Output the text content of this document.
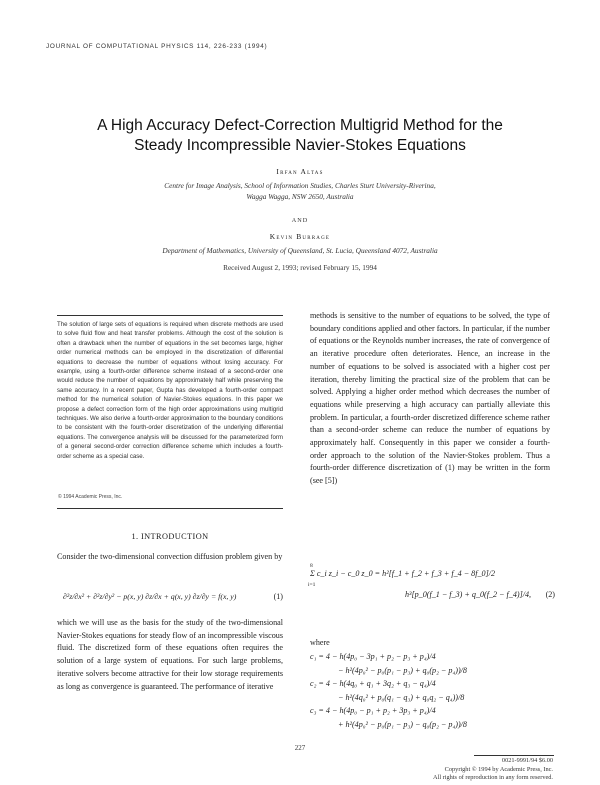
JOURNAL OF COMPUTATIONAL PHYSICS 114, 226-233 (1994)
A High Accuracy Defect-Correction Multigrid Method for the
Steady Incompressible Navier-Stokes Equations
Irfan Altas
Centre for Image Analysis, School of Information Studies, Charles Sturt University-Riverina,
Wagga Wagga, NSW 2650, Australia
AND
Kevin Burrage
Department of Mathematics, University of Queensland, St. Lucia, Queensland 4072, Australia
Received August 2, 1993; revised February 15, 1994
The solution of large sets of equations is required when discrete methods are used to solve fluid flow and heat transfer problems. Although the cost of the solution is often a drawback when the number of equations in the set becomes large, higher order numerical methods can be employed in the discretization of differential equations to decrease the number of equations without losing accuracy. For example, using a fourth-order difference scheme instead of a second-order one would reduce the number of equations by approximately half while preserving the same accuracy. In a recent paper, Gupta has developed a fourth-order compact method for the numerical solution of Navier-Stokes equations. In this paper we propose a defect correction form of the high order approximations using multigrid techniques. We also derive a fourth-order approximation to the boundary conditions to be consistent with the fourth-order discretization of the underlying differential equations. The convergence analysis will be discussed for the parameterized form of a general second-order correction difference scheme which includes a fourth-order scheme as a special case.
© 1994 Academic Press, Inc.
1. INTRODUCTION
Consider the two-dimensional convection diffusion problem given by
∂²z/∂x² + ∂²z/∂y² − p(x, y) ∂z/∂x + q(x, y) ∂z/∂y = f(x, y)	(1)
which we will use as the basis for the study of the two-dimensional Navier-Stokes equations for steady flow of an incompressible viscous fluid. The discretized form of these equations often requires the solution of a large system of equations. For such large problems, iterative solvers become attractive for their low storage requirements as long as convergence is guaranteed. The performance of iterative
methods is sensitive to the number of equations to be solved, the type of boundary conditions applied and other factors. In particular, if the number of equations or the Reynolds number increases, the rate of convergence of an iterative procedure often deteriorates. Hence, an increase in the number of equations to be solved is associated with a higher cost per iteration, thereby limiting the practical size of the problem that can be solved. Applying a higher order method which decreases the number of equations while preserving a high accuracy can partially alleviate this problem. In particular, a fourth-order discretized difference scheme rather than a second-order scheme can reduce the number of equations by approximately half. Consequently in this paper we consider a fourth-order approach to the solution of the Navier-Stokes problem. Thus a fourth-order difference discretization of (1) may be written in the form (see [5])
8
i=1
Σ c_i z_i − c_0 z_0 = h²[f_1 + f_2 + f_3 + f_4 − 8f_0]/2
h³[p_0(f_1 − f_3) + q_0(f_2 − f_4)]/4, (2)
where
c₁ = 4 − h(4p₀ − 3p₁ + p₂ − p₃ + p₄)/4
− h²(4p₀² − p₀(p₁ − p₃) + q₀(p₂ − p₄))/8
c₂ = 4 − h(4q₀ + q₁ + 3q₂ + q₃ − q₄)/4
− h²(4q₀² + p₀(q₁ − q₃) + q₀q₂ − q₄))/8
c₃ = 4 − h(4p₀ − p₁ + p₂ + 3p₃ + p₄)/4
+ h²(4p₀² − p₀(p₁ − p₃) − q₀(p₂ − p₄))/8
227
0021-9991/94 $6.00
Copyright © 1994 by Academic Press, Inc.
All rights of reproduction in any form reserved.
